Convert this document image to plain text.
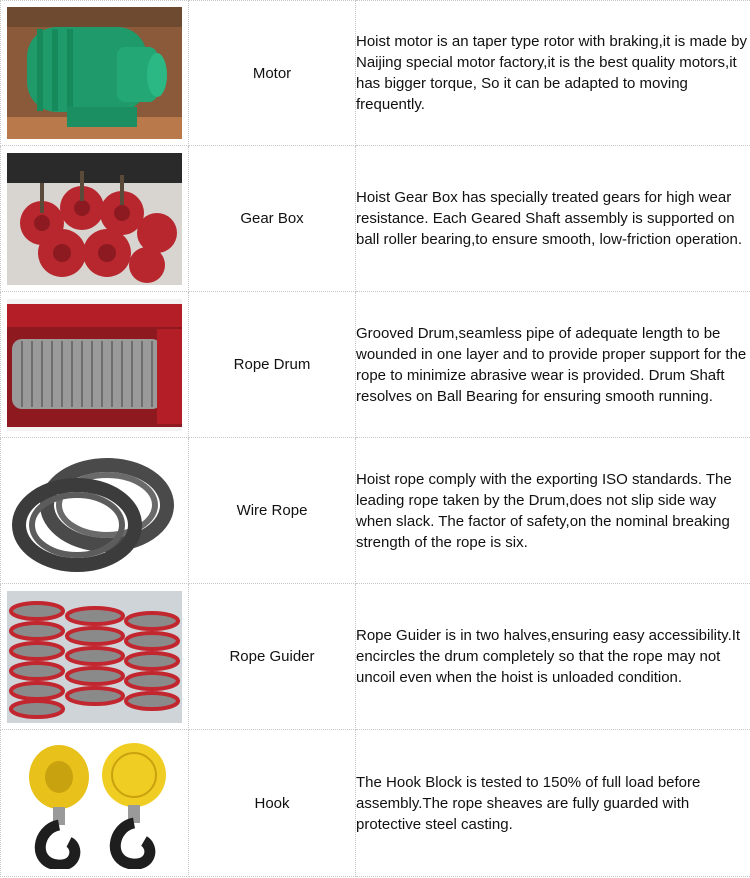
	Motor	Hoist motor is an taper type rotor with braking,it is made by Naijing special motor factory,it is the best quality motors,it has bigger torque, So it can be adapted to moving frequently.

	Gear Box	Hoist Gear Box has specially treated gears for high wear resistance. Each Geared Shaft assembly is supported on ball roller bearing,to ensure smooth, low-friction operation.

	Rope Drum	Grooved Drum,seamless pipe of adequate length to be wounded in one layer and to provide proper support for the rope to minimize abrasive wear is provided. Drum Shaft resolves on Ball Bearing for ensuring smooth running.

	Wire Rope	Hoist rope comply with the exporting ISO standards. The leading rope taken by the Drum,does not slip side way when slack. The factor of safety,on the nominal breaking strength of the rope is six.

	Rope Guider	Rope Guider is in two halves,ensuring easy accessibility.It encircles the drum completely so that the rope may not uncoil even when the hoist is unloaded condition.

	Hook	The Hook Block is tested to 150% of full load before assembly.The rope sheaves are fully guarded with protective steel casting.
